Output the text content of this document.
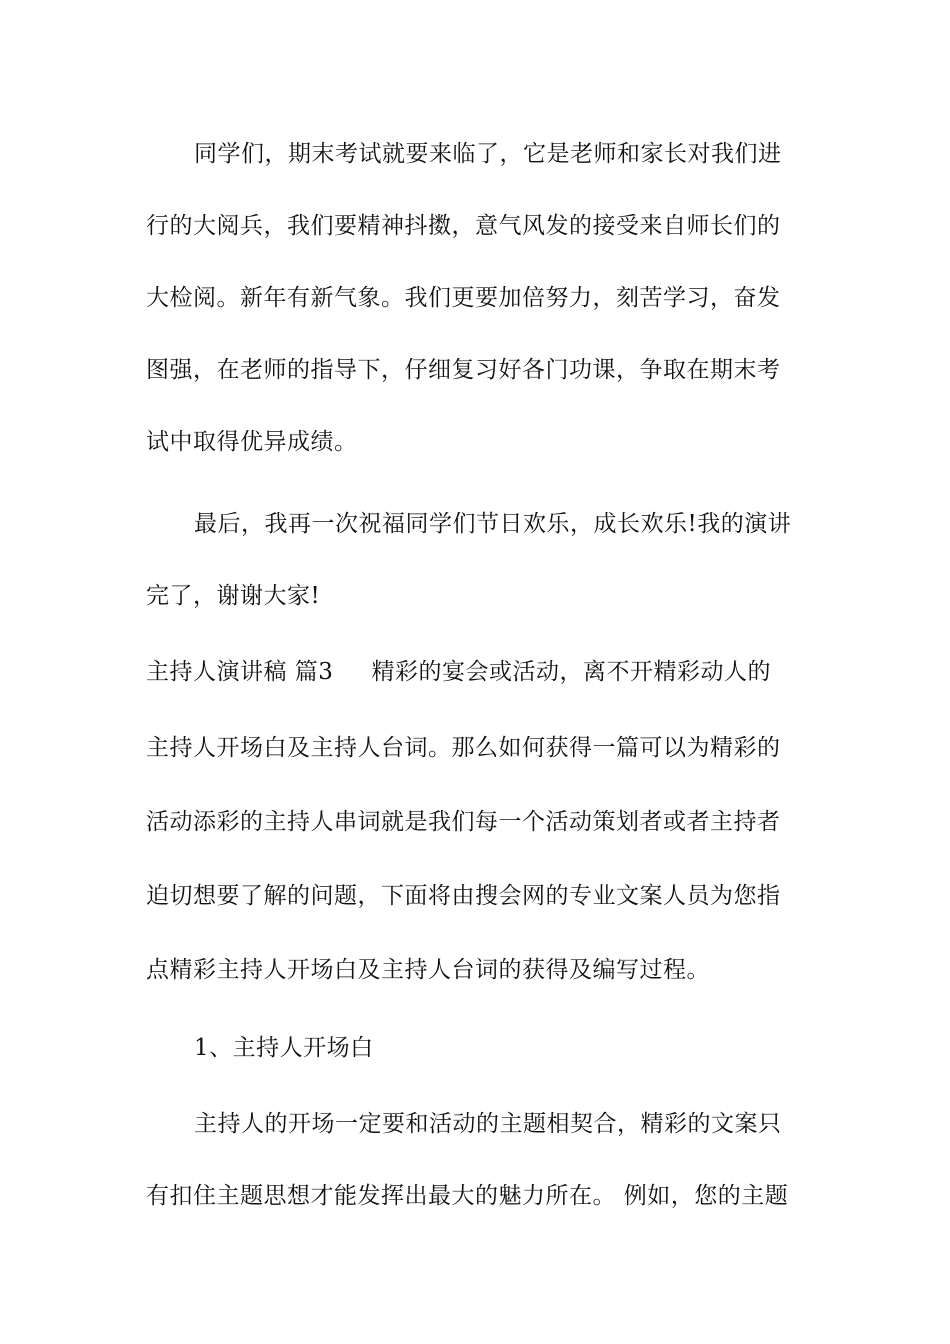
同学们，期末考试就要来临了，它是老师和家长对我们进
行的大阅兵，我们要精神抖擞，意气风发的接受来自师长们的
大检阅。新年有新气象。我们更要加倍努力，刻苦学习，奋发
图强，在老师的指导下，仔细复习好各门功课，争取在期末考
试中取得优异成绩。
最后，我再一次祝福同学们节日欢乐，成长欢乐!我的演讲
完了，谢谢大家!
主持人演讲稿 篇3 精彩的宴会或活动，离不开精彩动人的
主持人开场白及主持人台词。那么如何获得一篇可以为精彩的
活动添彩的主持人串词就是我们每一个活动策划者或者主持者
迫切想要了解的问题，下面将由搜会网的专业文案人员为您指
点精彩主持人开场白及主持人台词的获得及编写过程。
1、主持人开场白
主持人的开场一定要和活动的主题相契合，精彩的文案只
有扣住主题思想才能发挥出最大的魅力所在。 例如，您的主题
